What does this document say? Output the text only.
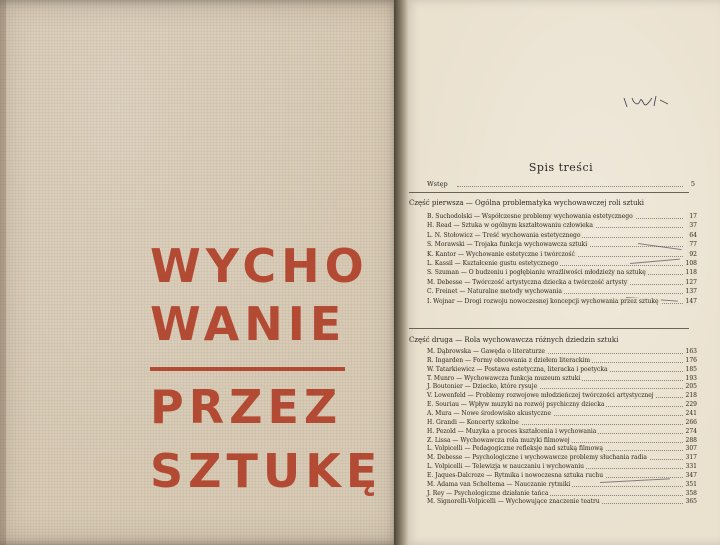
WYCHO
WANIE
PRZEZ
SZTUKĘ
Spis treści
Wstęp	5
Część pierwsza — Ogólna problematyka wychowawczej roli sztuki
B. Suchodolski — Współczesne problemy wychowania estetycznego	17
H. Read — Sztuka w ogólnym kształtowaniu człowieka	37
L. N. Stołowicz — Treść wychowania estetycznego	64
S. Morawski — Trojaka funkcja wychowawcza sztuki	77
K. Kantor — Wychowanie estetyczne i twórczość	92
L. Kassil — Kształcenie gustu estetycznego	108
S. Szuman — O budzeniu i pogłębianiu wrażliwości młodzieży na sztukę	118
M. Debesse — Twórczość artystyczna dziecka a twórczość artysty	127
C. Freinet — Naturalne metody wychowania	137
I. Wojnar — Drogi rozwoju nowoczesnej koncepcji wychowania przez sztukę	147
Część druga — Rola wychowawcza różnych dziedzin sztuki
M. Dąbrowska — Gawęda o literaturze	163
R. Ingarden — Formy obcowania z dziełem literackim	176
W. Tatarkiewicz — Postawa estetyczna, literacka i poetycka	185
T. Munro — Wychowawcza funkcja muzeum sztuki	193
J. Boutonier — Dziecko, które rysuje	205
V. Lowenfeld — Problemy rozwojowe młodzieńczej twórczości artystycznej	218
E. Souriau — Wpływ muzyki na rozwój psychiczny dziecka	229
A. Mura — Nowe środowisko akustyczne	241
H. Grandi — Koncerty szkolne	266
H. Pezold — Muzyka a proces kształcenia i wychowania	274
Z. Lissa — Wychowawcza rola muzyki filmowej	288
L. Volpicelli — Pedagogiczne refleksje nad sztuką filmową	307
M. Debesse — Psychologiczne i wychowawcze problemy słuchania radia	317
L. Volpicelli — Telewizja w nauczaniu i wychowaniu	331
E. Jaques-Dalcroze — Rytmika i nowoczesna sztuka ruchu	347
M. Adama van Scheltema — Nauczanie rytmiki	351
J. Rey — Psychologiczne działanie tańca	358
M. Signorelli-Volpicelli — Wychowujące znaczenie teatru	365
